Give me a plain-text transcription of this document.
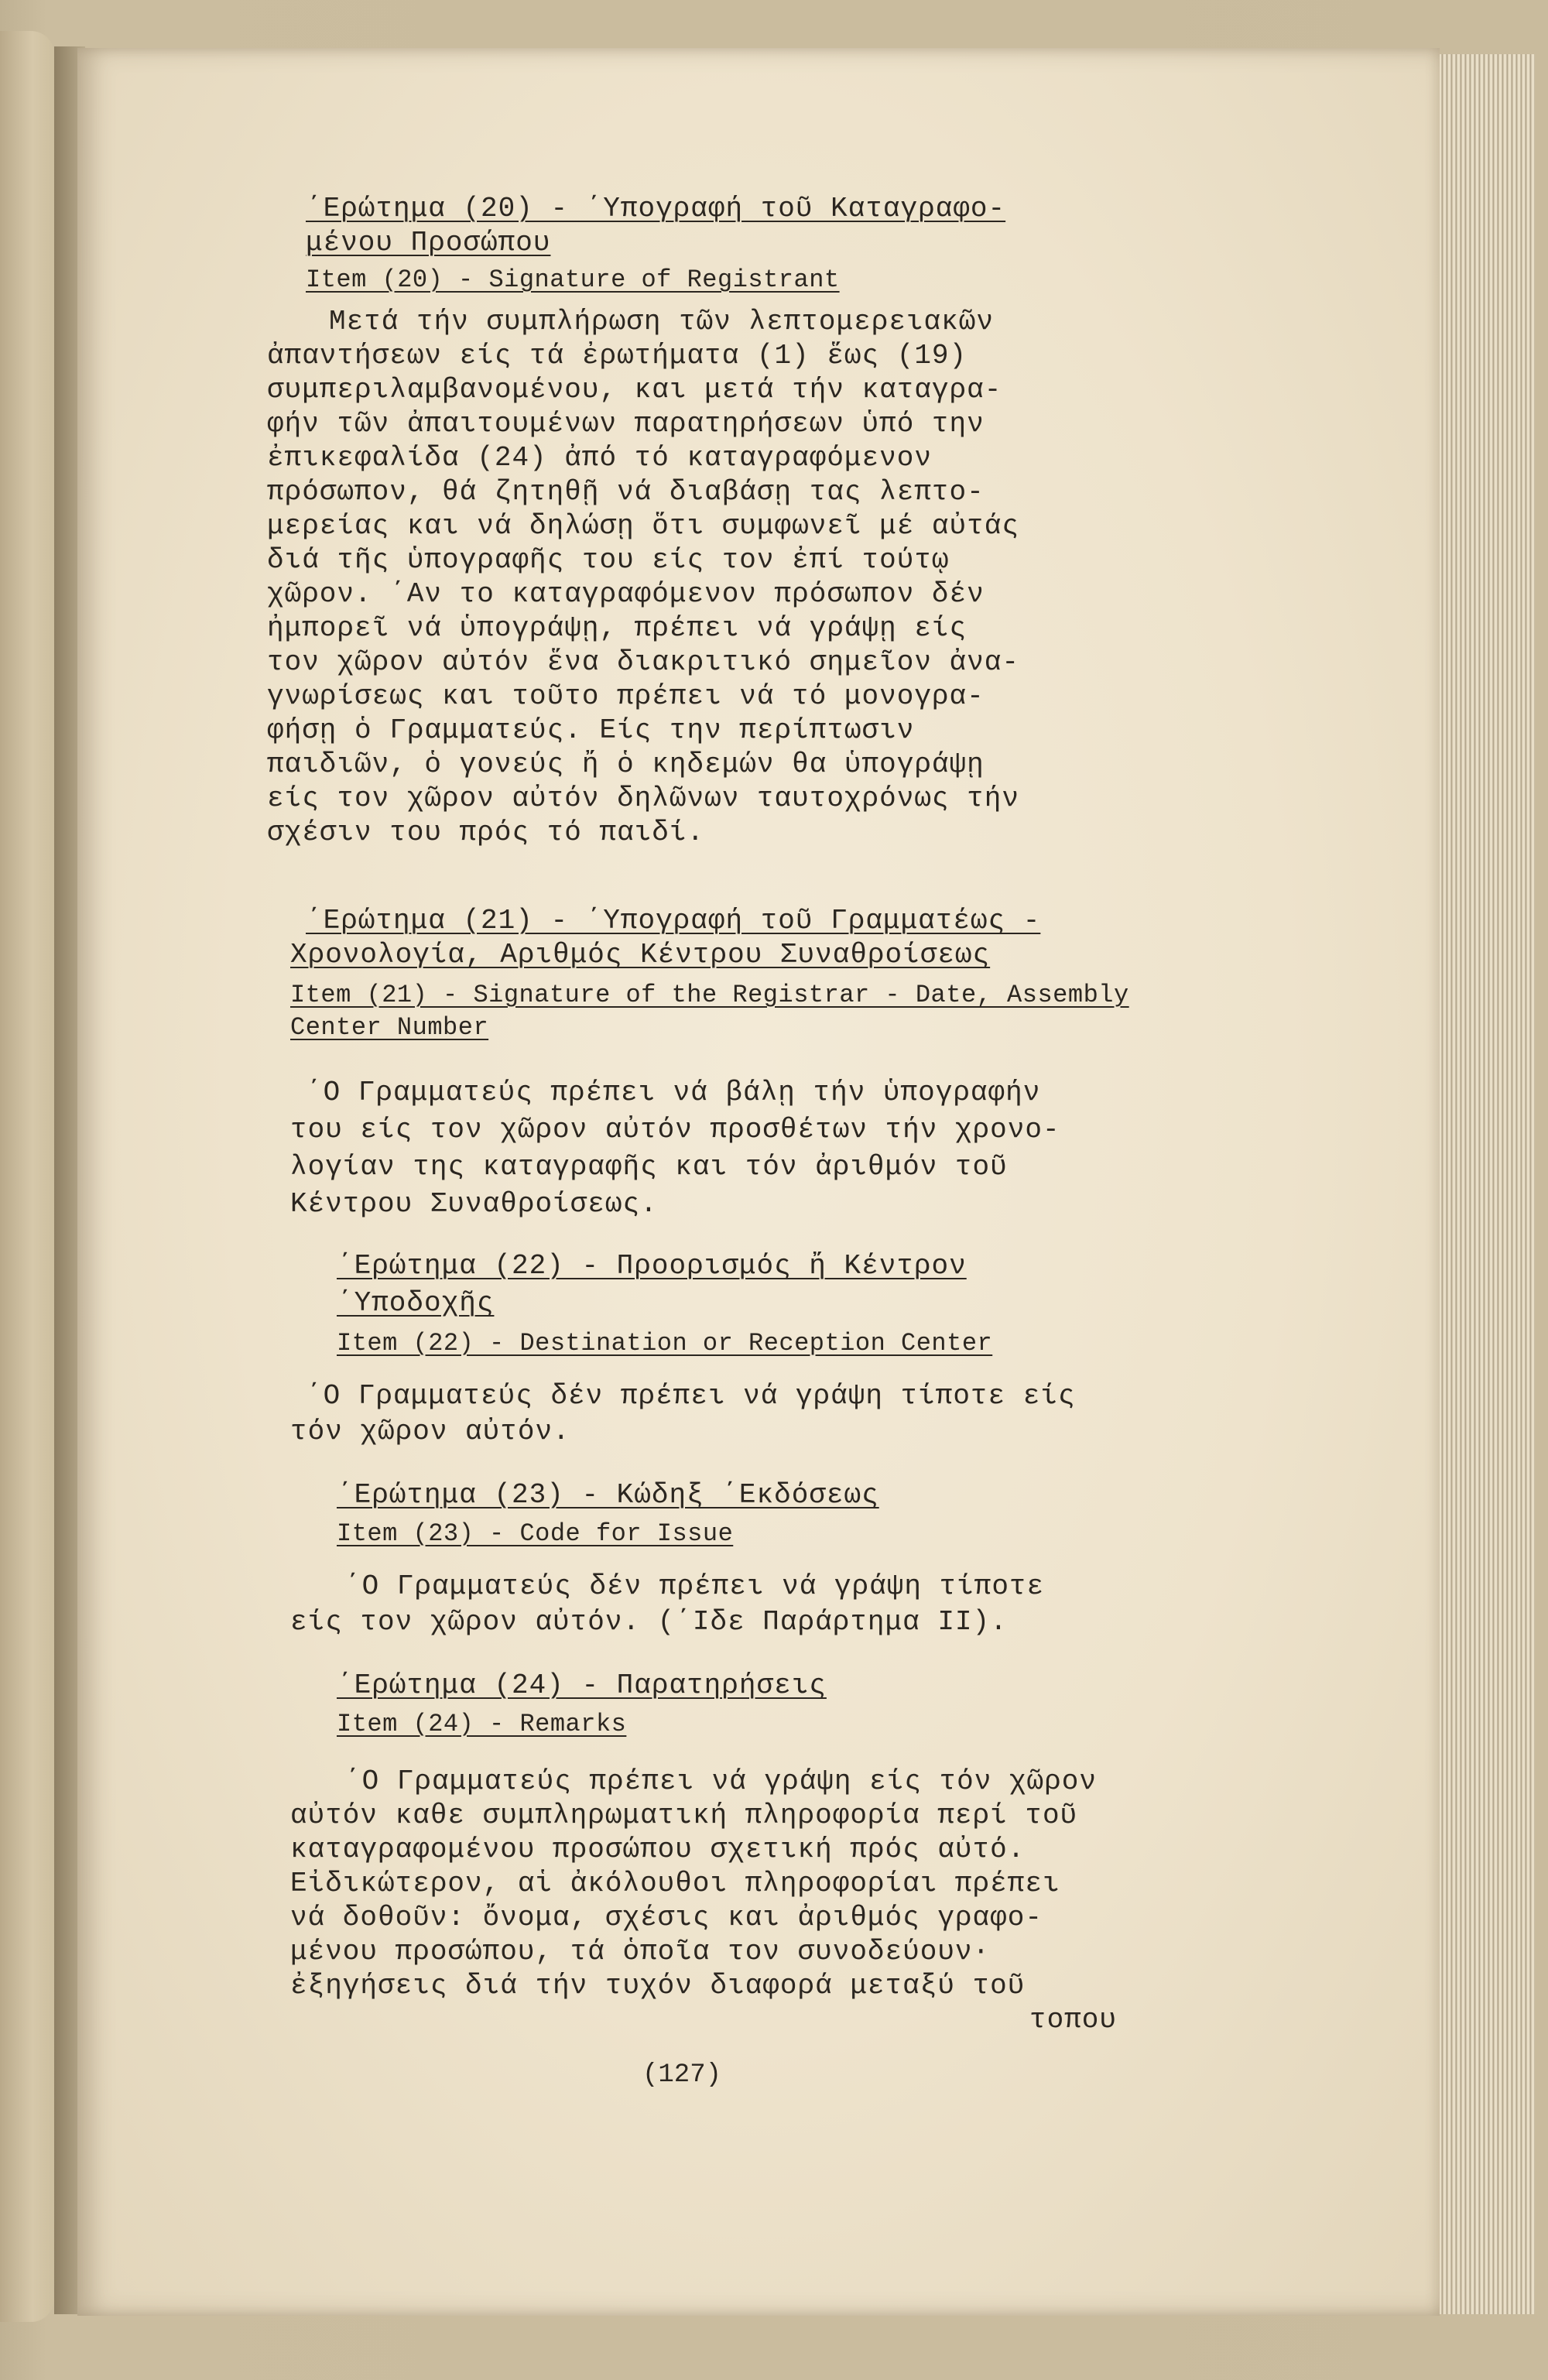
΄Ερώτημα (20) - ΄Υπογραφή τοῦ Καταγραφο-
μένου Προσώπου
Item (20) - Signature of Registrant
Μετά τήν συμπλήρωση τῶν λεπτομερειακῶν
ἀπαντήσεων είς τά ἐρωτήματα (1) ἕως (19)
συμπεριλαμβανομένου, και μετά τήν καταγρα-
φήν τῶν ἀπαιτουμένων παρατηρήσεων ὑπό την
ἐπικεφαλίδα (24) ἀπό τό καταγραφόμενον
πρόσωπον, θά ζητηθῇ νά διαβάσῃ τας λεπτο-
μερείας και νά δηλώσῃ ὅτι συμφωνεῖ μέ αὐτάς
διά τῆς ὑπογραφῆς του είς τον ἐπί τούτῳ
χῶρον. ΄Αν το καταγραφόμενον πρόσωπον δέν
ἠμπορεῖ νά ὑπογράψῃ, πρέπει νά γράψῃ είς
τον χῶρον αὐτόν ἕνα διακριτικό σημεῖον ἀνα-
γνωρίσεως και τοῦτο πρέπει νά τό μονογρα-
φήσῃ ὁ Γραμματεύς. Είς την περίπτωσιν
παιδιῶν, ὁ γονεύς ἤ ὁ κηδεμών θα ὑπογράψῃ
είς τον χῶρον αὐτόν δηλῶνων ταυτοχρόνως τήν
σχέσιν του πρός τό παιδί.
΄Ερώτημα (21) - ΄Υπογραφή τοῦ Γραμματέως -
Χρονολογία, Αριθμός Κέντρου Συναθροίσεως
Item (21) - Signature of the Registrar - Date, Assembly
Center Number
΄Ο Γραμματεύς πρέπει νά βάλῃ τήν ὑπογραφήν
του είς τον χῶρον αὐτόν προσθέτων τήν χρονο-
λογίαν της καταγραφῆς και τόν ἀριθμόν τοῦ
Κέντρου Συναθροίσεως.
΄Ερώτημα (22) - Προορισμός ἤ Κέντρον
΄Υποδοχῆς
Item (22) - Destination or Reception Center
΄Ο Γραμματεύς δέν πρέπει νά γράψη τίποτε είς
τόν χῶρον αὐτόν.
΄Ερώτημα (23) - Κώδηξ ΄Εκδόσεως
Item (23) - Code for Issue
΄Ο Γραμματεύς δέν πρέπει νά γράψη τίποτε
είς τον χῶρον αὐτόν. (΄Ιδε Παράρτημα II).
΄Ερώτημα (24) - Παρατηρήσεις
Item (24) - Remarks
΄Ο Γραμματεύς πρέπει νά γράψη είς τόν χῶρον
αὐτόν καθε συμπληρωματική πληροφορία περί τοῦ
καταγραφομένου προσώπου σχετική πρός αὐτό.
Εἰδικώτερον, αἱ ἀκόλουθοι πληροφορίαι πρέπει
νά δοθοῦν: ὄνομα, σχέσις και ἀριθμός γραφο-
μένου προσώπου, τά ὁποῖα τον συνοδεύουν·
ἐξηγήσεις διά τήν τυχόν διαφορά μεταξύ τοῦ
τοπου
(127)
